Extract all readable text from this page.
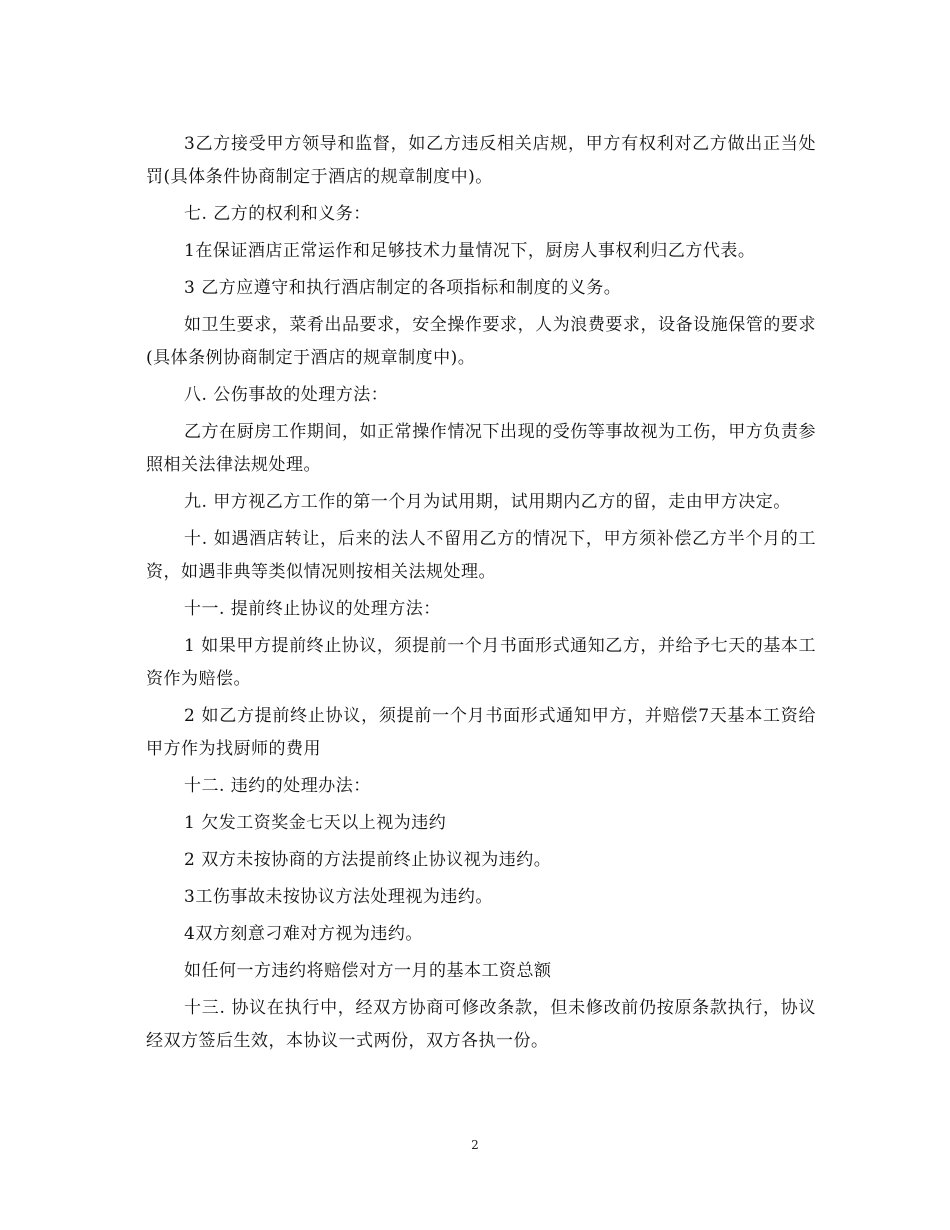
3乙方接受甲方领导和监督，如乙方违反相关店规，甲方有权利对乙方做出正当处罚(具体条件协商制定于酒店的规章制度中)。

七. 乙方的权利和义务：

1在保证酒店正常运作和足够技术力量情况下，厨房人事权利归乙方代表。

3 乙方应遵守和执行酒店制定的各项指标和制度的义务。

如卫生要求，菜肴出品要求，安全操作要求，人为浪费要求，设备设施保管的要求(具体条例协商制定于酒店的规章制度中)。

八. 公伤事故的处理方法：

乙方在厨房工作期间，如正常操作情况下出现的受伤等事故视为工伤，甲方负责参照相关法律法规处理。

九. 甲方视乙方工作的第一个月为试用期，试用期内乙方的留，走由甲方决定。

十. 如遇酒店转让，后来的法人不留用乙方的情况下，甲方须补偿乙方半个月的工资，如遇非典等类似情况则按相关法规处理。

十一. 提前终止协议的处理方法：

1 如果甲方提前终止协议，须提前一个月书面形式通知乙方，并给予七天的基本工资作为赔偿。

2 如乙方提前终止协议，须提前一个月书面形式通知甲方，并赔偿7天基本工资给甲方作为找厨师的费用

十二. 违约的处理办法：

1 欠发工资奖金七天以上视为违约

2 双方未按协商的方法提前终止协议视为违约。

3工伤事故未按协议方法处理视为违约。

4双方刻意刁难对方视为违约。

如任何一方违约将赔偿对方一月的基本工资总额

十三. 协议在执行中，经双方协商可修改条款，但未修改前仍按原条款执行，协议经双方签后生效，本协议一式两份，双方各执一份。

2
